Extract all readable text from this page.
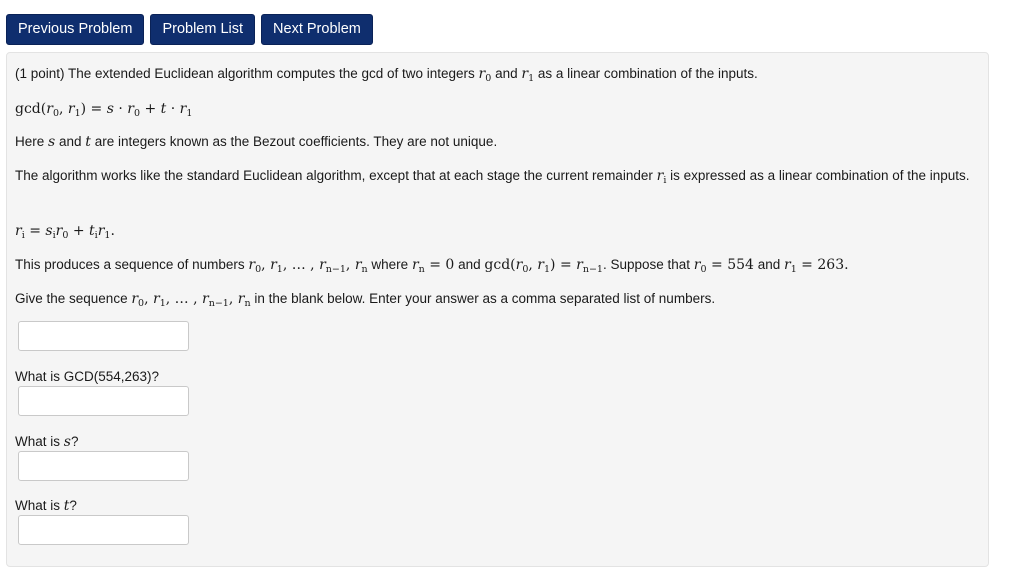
Previous Problem	Problem List	Next Problem
(1 point) The extended Euclidean algorithm computes the gcd of two integers $r_0$ and $r_1$ as a linear combination of the inputs.
$\gcd(r_0$, $r_1) = s \cdot r_0 + t \cdot r_1$
Here s and t are integers known as the Bezout coefficients. They are not unique.
The algorithm works like the standard Euclidean algorithm, except that at each stage the current remainder $r_i$ is expressed as a linear combination of the inputs.
$r_i = s_ir_0 + t_ir_1$.
This produces a sequence of numbers $r_0$, $r_1$, … , $r_{n-1}$, $r_n$ where $r_n = 0$ and $\gcd(r_0$, $r_1) = r_{n-1}$. Suppose that $r_0 = 554$ and $r_1 = 263$.
Give the sequence $r_0$, $r_1$, … , $r_{n-1}$, $r_n$ in the blank below. Enter your answer as a comma separated list of numbers.
What is GCD(554,263)?
What is s?
What is t?
